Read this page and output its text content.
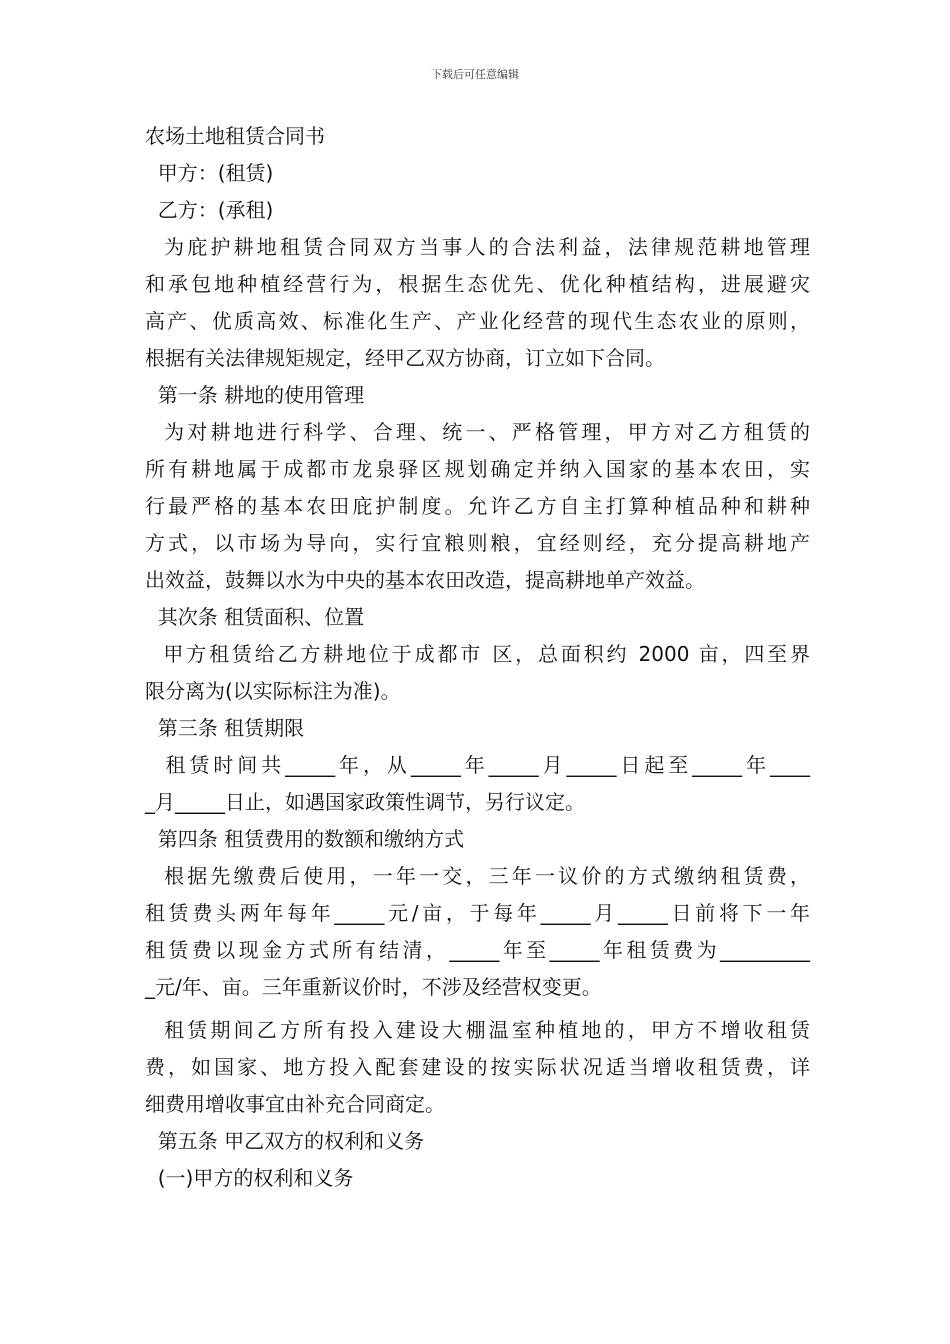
下载后可任意编辑
农场土地租赁合同书
甲方：(租赁)
乙方：(承租)
为庇护耕地租赁合同双方当事人的合法利益，法律规范耕地管理
和承包地种植经营行为，根据生态优先、优化种植结构，进展避灾
高产、优质高效、标准化生产、产业化经营的现代生态农业的原则，
根据有关法律规矩规定，经甲乙双方协商，订立如下合同。
第一条 耕地的使用管理
为对耕地进行科学、合理、统一、严格管理，甲方对乙方租赁的
所有耕地属于成都市龙泉驿区规划确定并纳入国家的基本农田，实
行最严格的基本农田庇护制度。允许乙方自主打算种植品种和耕种
方式，以市场为导向，实行宜粮则粮，宜经则经，充分提高耕地产
出效益，鼓舞以水为中央的基本农田改造，提高耕地单产效益。
其次条 租赁面积、位置
甲方租赁给乙方耕地位于成都市 区，总面积约 2000 亩，四至界
限分离为(以实际标注为准)。
第三条 租赁期限
租赁时间共_____年，从_____年_____月_____日起至_____年____
_月_____日止，如遇国家政策性调节，另行议定。
第四条 租赁费用的数额和缴纳方式
根据先缴费后使用，一年一交，三年一议价的方式缴纳租赁费，
租赁费头两年每年_____元/亩，于每年_____月_____日前将下一年
租赁费以现金方式所有结清，_____年至_____年租赁费为_________
_元/年、亩。三年重新议价时，不涉及经营权变更。
租赁期间乙方所有投入建设大棚温室种植地的，甲方不增收租赁
费，如国家、地方投入配套建设的按实际状况适当增收租赁费，详
细费用增收事宜由补充合同商定。
第五条 甲乙双方的权利和义务
(一)甲方的权利和义务
